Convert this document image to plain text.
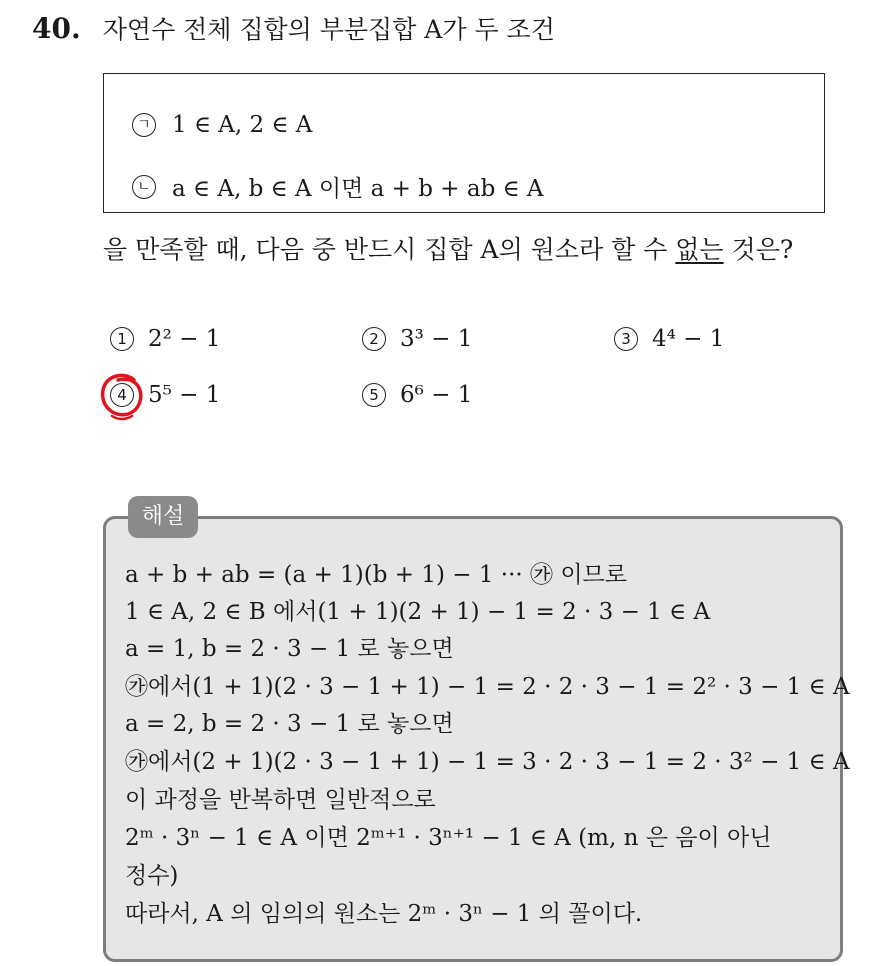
40. 자연수 전체 집합의 부분집합 A가 두 조건
ㄱ 1 ∈ A, 2 ∈ A
ㄴ a ∈ A, b ∈ A 이면 a + b + ab ∈ A
을 만족할 때, 다음 중 반드시 집합 A의 원소라 할 수 없는 것은?
1 2² − 1	2 3³ − 1	3 4⁴ − 1
4 5⁵ − 1	5 6⁶ − 1
해설
a + b + ab = (a + 1)(b + 1) − 1 ··· ㉮ 이므로
1 ∈ A, 2 ∈ B 에서(1 + 1)(2 + 1) − 1 = 2 · 3 − 1 ∈ A
a = 1, b = 2 · 3 − 1 로 놓으면
㉮에서(1 + 1)(2 · 3 − 1 + 1) − 1 = 2 · 2 · 3 − 1 = 2² · 3 − 1 ∈ A
a = 2, b = 2 · 3 − 1 로 놓으면
㉮에서(2 + 1)(2 · 3 − 1 + 1) − 1 = 3 · 2 · 3 − 1 = 2 · 3² − 1 ∈ A
이 과정을 반복하면 일반적으로
2ᵐ · 3ⁿ − 1 ∈ A 이면 2ᵐ⁺¹ · 3ⁿ⁺¹ − 1 ∈ A (m, n 은 음이 아닌
정수)
따라서, A 의 임의의 원소는 2ᵐ · 3ⁿ − 1 의 꼴이다.
